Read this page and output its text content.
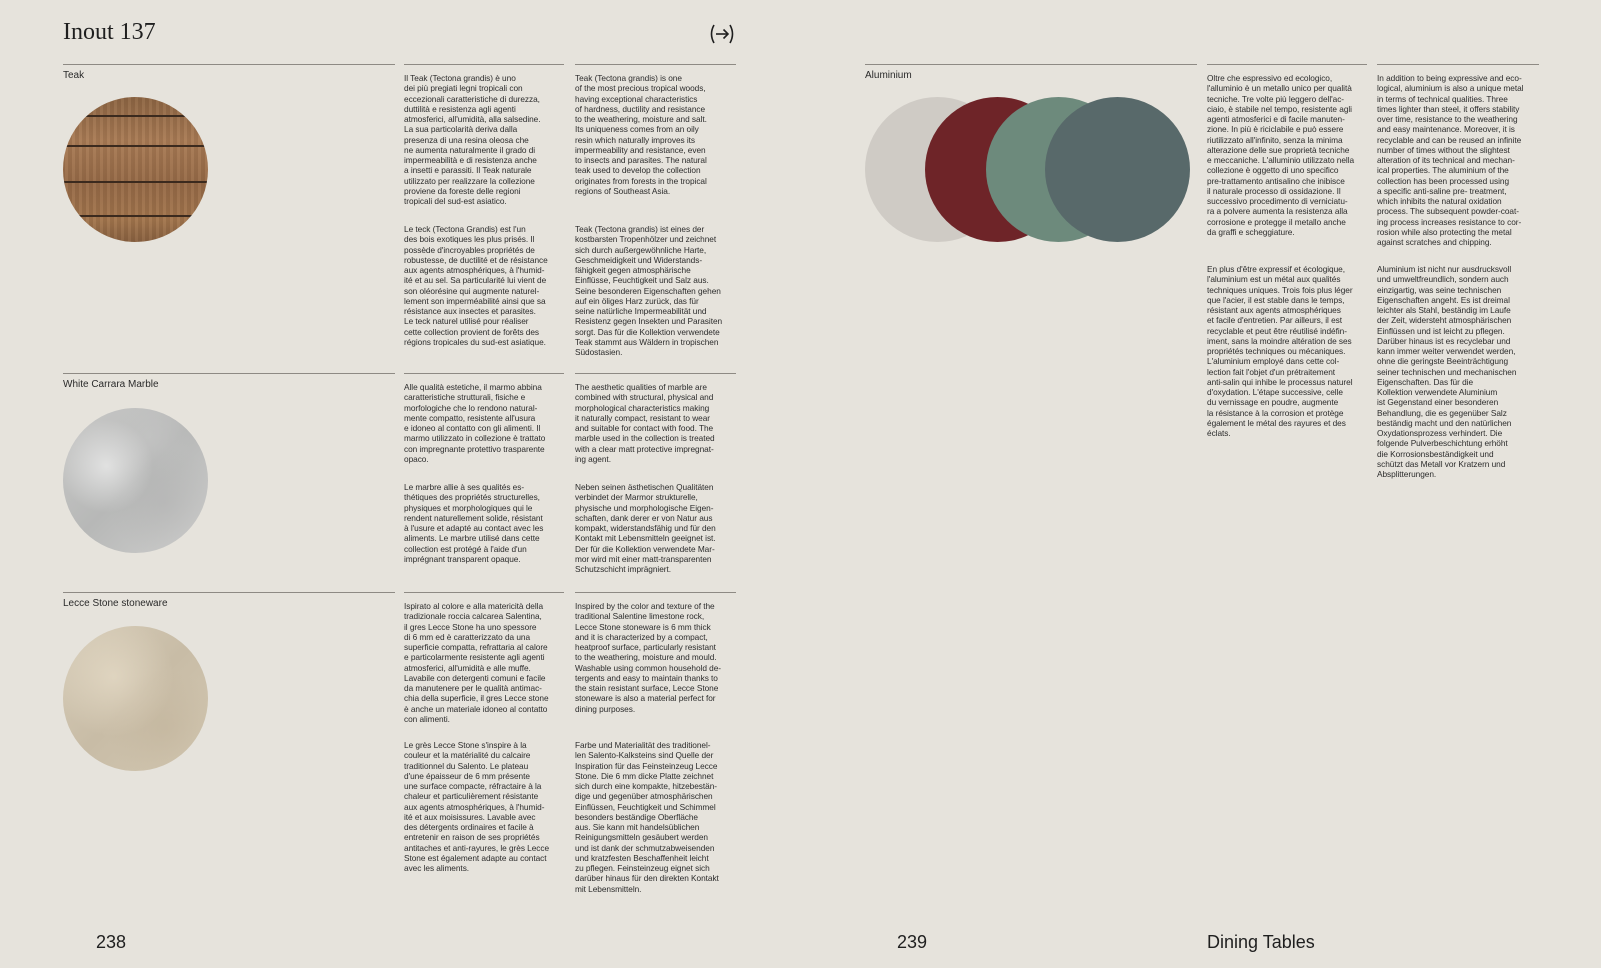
Inout 137
Teak	Il Teak (Tectona grandis) è uno
dei più pregiati legni tropicali con
eccezionali caratteristiche di durezza,
duttilità e resistenza agli agenti
atmosferici, all'umidità, alla salsedine.
La sua particolarità deriva dalla
presenza di una resina oleosa che
ne aumenta naturalmente il grado di
impermeabilità e di resistenza anche
a insetti e parassiti. Il Teak naturale
utilizzato per realizzare la collezione
proviene da foreste delle regioni
tropicali del sud-est asiatico.

Teak (Tectona grandis) is one
of the most precious tropical woods,
having exceptional characteristics
of hardness, ductility and resistance
to the weathering, moisture and salt.
Its uniqueness comes from an oily
resin which naturally improves its
impermeability and resistance, even
to insects and parasites. The natural
teak used to develop the collection
originates from forests in the tropical
regions of Southeast Asia.

Le teck (Tectona Grandis) est l'un
des bois exotiques les plus prisés. Il
possède d'incroyables propriétés de
robustesse, de ductilité et de résistance
aux agents atmosphériques, à l'humid-
ité et au sel. Sa particularité lui vient de
son oléorésine qui augmente naturel-
lement son imperméabilité ainsi que sa
résistance aux insectes et parasites.
Le teck naturel utilisé pour réaliser
cette collection provient de forêts des
régions tropicales du sud-est asiatique.

Teak (Tectona grandis) ist eines der
kostbarsten Tropenhölzer und zeichnet
sich durch außergewöhnliche Harte,
Geschmeidigkeit und Widerstands-
fähigkeit gegen atmosphärische
Einflüsse, Feuchtigkeit und Salz aus.
Seine besonderen Eigenschaften gehen
auf ein öliges Harz zurück, das für
seine natürliche Impermeabilität und
Resistenz gegen Insekten und Parasiten
sorgt. Das für die Kollektion verwendete
Teak stammt aus Wäldern in tropischen
Südostasien.

White Carrara Marble	Alle qualità estetiche, il marmo abbina
caratteristiche strutturali, fisiche e
morfologiche che lo rendono natural-
mente compatto, resistente all'usura
e idoneo al contatto con gli alimenti. Il
marmo utilizzato in collezione è trattato
con impregnante protettivo trasparente
opaco.

The aesthetic qualities of marble are
combined with structural, physical and
morphological characteristics making
it naturally compact, resistant to wear
and suitable for contact with food. The
marble used in the collection is treated
with a clear matt protective impregnat-
ing agent.

Le marbre allie à ses qualités es-
thétiques des propriétés structurelles,
physiques et morphologiques qui le
rendent naturellement solide, résistant
à l'usure et adapté au contact avec les
aliments. Le marbre utilisé dans cette
collection est protégé à l'aide d'un
imprégnant transparent opaque.

Neben seinen ästhetischen Qualitäten
verbindet der Marmor strukturelle,
physische und morphologische Eigen-
schaften, dank derer er von Natur aus
kompakt, widerstandsfähig und für den
Kontakt mit Lebensmitteln geeignet ist.
Der für die Kollektion verwendete Mar-
mor wird mit einer matt-transparenten
Schutzschicht imprägniert.

Lecce Stone stoneware	Ispirato al colore e alla matericità della
tradizionale roccia calcarea Salentina,
il gres Lecce Stone ha uno spessore
di 6 mm ed è caratterizzato da una
superficie compatta, refrattaria al calore
e particolarmente resistente agli agenti
atmosferici, all'umidità e alle muffe.
Lavabile con detergenti comuni e facile
da manutenere per le qualità antimac-
chia della superficie, il gres Lecce stone
è anche un materiale idoneo al contatto
con alimenti.

Inspired by the color and texture of the
traditional Salentine limestone rock,
Lecce Stone stoneware is 6 mm thick
and it is characterized by a compact,
heatproof surface, particularly resistant
to the weathering, moisture and mould.
Washable using common household de-
tergents and easy to maintain thanks to
the stain resistant surface, Lecce Stone
stoneware is also a material perfect for
dining purposes.

Le grès Lecce Stone s'inspire à la
couleur et la matérialité du calcaire
traditionnel du Salento. Le plateau
d'une épaisseur de 6 mm présente
une surface compacte, réfractaire à la
chaleur et particulièrement résistante
aux agents atmosphériques, à l'humid-
ité et aux moisissures. Lavable avec
des détergents ordinaires et facile à
entretenir en raison de ses propriétés
antitaches et anti-rayures, le grès Lecce
Stone est également adapte au contact
avec les aliments.

Farbe und Materialität des traditionel-
len Salento-Kalksteins sind Quelle der
Inspiration für das Feinsteinzeug Lecce
Stone. Die 6 mm dicke Platte zeichnet
sich durch eine kompakte, hitzebestän-
dige und gegenüber atmosphärischen
Einflüssen, Feuchtigkeit und Schimmel
besonders beständige Oberfläche
aus. Sie kann mit handelsüblichen
Reinigungsmitteln gesäubert werden
und ist dank der schmutzabweisenden
und kratzfesten Beschaffenheit leicht
zu pflegen. Feinsteinzeug eignet sich
darüber hinaus für den direkten Kontakt
mit Lebensmitteln.

238
Aluminium	Oltre che espressivo ed ecologico,
l'alluminio è un metallo unico per qualità
tecniche. Tre volte più leggero dell'ac-
ciaio, è stabile nel tempo, resistente agli
agenti atmosferici e di facile manuten-
zione. In più è riciclabile e può essere
riutilizzato all'infinito, senza la minima
alterazione delle sue proprietà tecniche
e meccaniche. L'alluminio utilizzato nella
collezione è oggetto di uno specifico
pre-trattamento antisalino che inibisce
il naturale processo di ossidazione. Il
successivo procedimento di verniciatu-
ra a polvere aumenta la resistenza alla
corrosione e protegge il metallo anche
da graffi e scheggiature.

In addition to being expressive and eco-
logical, aluminium is also a unique metal
in terms of technical qualities. Three
times lighter than steel, it offers stability
over time, resistance to the weathering
and easy maintenance. Moreover, it is
recyclable and can be reused an infinite
number of times without the slightest
alteration of its technical and mechan-
ical properties. The aluminium of the
collection has been processed using
a specific anti-saline pre- treatment,
which inhibits the natural oxidation
process. The subsequent powder-coat-
ing process increases resistance to cor-
rosion while also protecting the metal
against scratches and chipping.

En plus d'être expressif et écologique,
l'aluminium est un métal aux qualités
techniques uniques. Trois fois plus léger
que l'acier, il est stable dans le temps,
résistant aux agents atmosphériques
et facile d'entretien. Par ailleurs, il est
recyclable et peut être réutilisé indéfin-
iment, sans la moindre altération de ses
propriétés techniques ou mécaniques.
L'aluminium employé dans cette col-
lection fait l'objet d'un prétraitement
anti-salin qui inhibe le processus naturel
d'oxydation. L'étape successive, celle
du vernissage en poudre, augmente
la résistance à la corrosion et protège
également le métal des rayures et des
éclats.

Aluminium ist nicht nur ausdrucksvoll
und umweltfreundlich, sondern auch
einzigartig, was seine technischen
Eigenschaften angeht. Es ist dreimal
leichter als Stahl, beständig im Laufe
der Zeit, widersteht atmosphärischen
Einflüssen und ist leicht zu pflegen.
Darüber hinaus ist es recyclebar und
kann immer weiter verwendet werden,
ohne die geringste Beeinträchtigung
seiner technischen und mechanischen
Eigenschaften. Das für die
Kollektion verwendete Aluminium
ist Gegenstand einer besonderen
Behandlung, die es gegenüber Salz
beständig macht und den natürlichen
Oxydationsprozess verhindert. Die
folgende Pulverbeschichtung erhöht
die Korrosionsbeständigkeit und
schützt das Metall vor Kratzern und
Absplitterungen.

239	Dining Tables
